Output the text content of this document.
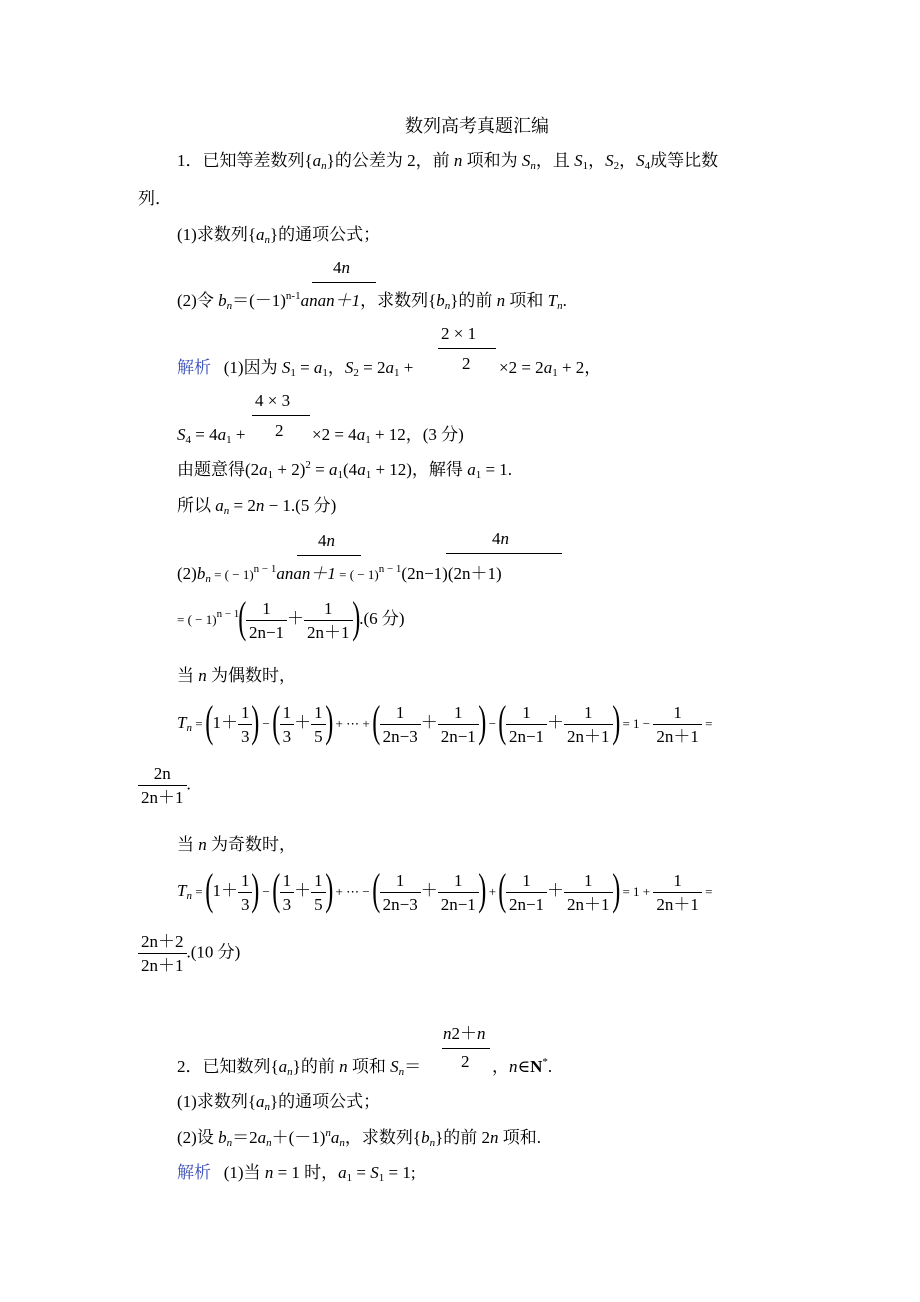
数列高考真题汇编
1．已知等差数列$\{a_n\}$的公差为 2，前 n 项和为 $S_n$，且 $S_1$，$S_2$，$S_4$成等比数
列．
(1)求数列$\{a_n\}$的通项公式；
4n
(2)令 $b_n=(-1)^{n-1}anan+1$，求数列$\{b_n\}$的前 n 项和 $T_n$.
2 × 1
2
解析 (1)因为 $S_1 = a_1$，$S_2 = 2a_1$ +	$\times 2 = 2a_1 + 2$，
4 × 3
2
$S_4 = 4a_1$ +	$\times 2 = 4a_1 + 12$，(3 分)
由题意得$(2a_1 + 2)^2 = a_1(4a_1 + 12)$，解得 $a_1 = 1$.
所以 $a_n = 2n - 1.(5$ 分)
4n	4n
$(2)b_n$ = ( − 1)$^{n - 1}$anan＋1 = ( − 1)$^{n - 1}$(2n−1)(2n＋1)
= ( − $1)^{n - 1}( \frac{1}{2n-1} + \frac{1}{2n+1} ).(6$ 分)
当 n 为偶数时，
$T_n = (1+ \frac{1}{3}$ ) − ( $\frac{1}{3} + \frac{1}{5}$ ) + ⋯ + ( $\frac{1}{2n-3} + \frac{1}{2n-1}$ ) − ( $\frac{1}{2n-1} + \frac{1}{2n+1}$ ) = $1 - \frac{1}{2n+1}$ =
$\frac{2n}{2n+1}$ .
当 n 为奇数时，
$T_n = (1+ \frac{1}{3}$ ) − ( $\frac{1}{3} + \frac{1}{5}$ ) + ⋯ − ( $\frac{1}{2n-3} + \frac{1}{2n-1}$ ) + ( $\frac{1}{2n-1} + \frac{1}{2n+1}$ ) = $1 + \frac{1}{2n+1}$ =
$\frac{2n+2}{2n+1} .(10$ 分)
n2＋n
2
2．已知数列$\{a_n\}$的前 n 项和 $S_n=$	，n∈N*.
(1)求数列$\{a_n\}$的通项公式；
(2)设 $b_n=2a_n+(-1)^na_n$，求数列$\{b_n\}$的前 2n 项和.
解析 (1)当 n = 1 时，$a_1 = S_1 = 1$;
